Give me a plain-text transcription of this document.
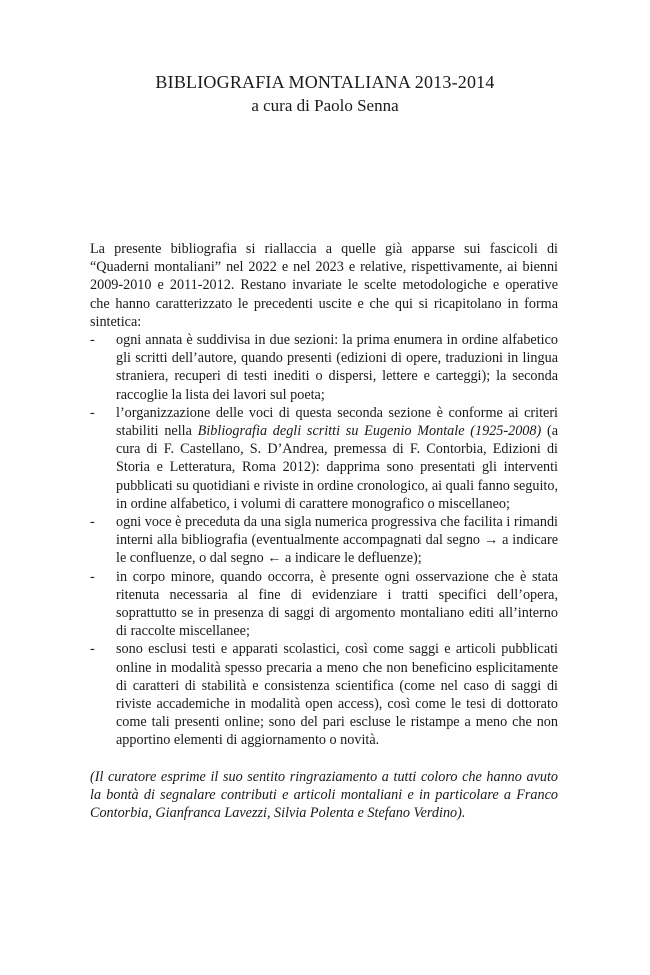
BIBLIOGRAFIA MONTALIANA 2013-2014
a cura di Paolo Senna

La presente bibliografia si riallaccia a quelle già apparse sui fascicoli di “Quaderni montaliani” nel 2022 e nel 2023 e relative, rispettivamente, ai bienni 2009-2010 e 2011-2012. Restano invariate le scelte metodologiche e operative che hanno caratterizzato le precedenti uscite e che qui si ricapitolano in forma sintetica:

- ogni annata è suddivisa in due sezioni: la prima enumera in ordine alfabetico gli scritti dell’autore, quando presenti (edizioni di opere, traduzioni in lingua straniera, recuperi di testi inediti o dispersi, lettere e carteggi); la seconda raccoglie la lista dei lavori sul poeta;
- l’organizzazione delle voci di questa seconda sezione è conforme ai criteri stabiliti nella Bibliografia degli scritti su Eugenio Montale (1925-2008) (a cura di F. Castellano, S. D’Andrea, premessa di F. Contorbia, Edizioni di Storia e Letteratura, Roma 2012): dapprima sono presentati gli interventi pubblicati su quotidiani e riviste in ordine cronologico, ai quali fanno seguito, in ordine alfabetico, i volumi di carattere monografico o miscellaneo;
- ogni voce è preceduta da una sigla numerica progressiva che facilita i rimandi interni alla bibliografia (eventualmente accompagnati dal segno → a indicare le confluenze, o dal segno ← a indicare le defluenze);
- in corpo minore, quando occorra, è presente ogni osservazione che è stata ritenuta necessaria al fine di evidenziare i tratti specifici dell’opera, soprattutto se in presenza di saggi di argomento montaliano editi all’interno di raccolte miscellanee;
- sono esclusi testi e apparati scolastici, così come saggi e articoli pubblicati online in modalità spesso precaria a meno che non beneficino esplicitamente di caratteri di stabilità e consistenza scientifica (come nel caso di saggi di riviste accademiche in modalità open access), così come le tesi di dottorato come tali presenti online; sono del pari escluse le ristampe a meno che non apportino elementi di aggiornamento o novità.

(Il curatore esprime il suo sentito ringraziamento a tutti coloro che hanno avuto la bontà di segnalare contributi e articoli montaliani e in particolare a Franco Contorbia, Gianfranca Lavezzi, Silvia Polenta e Stefano Verdino).
